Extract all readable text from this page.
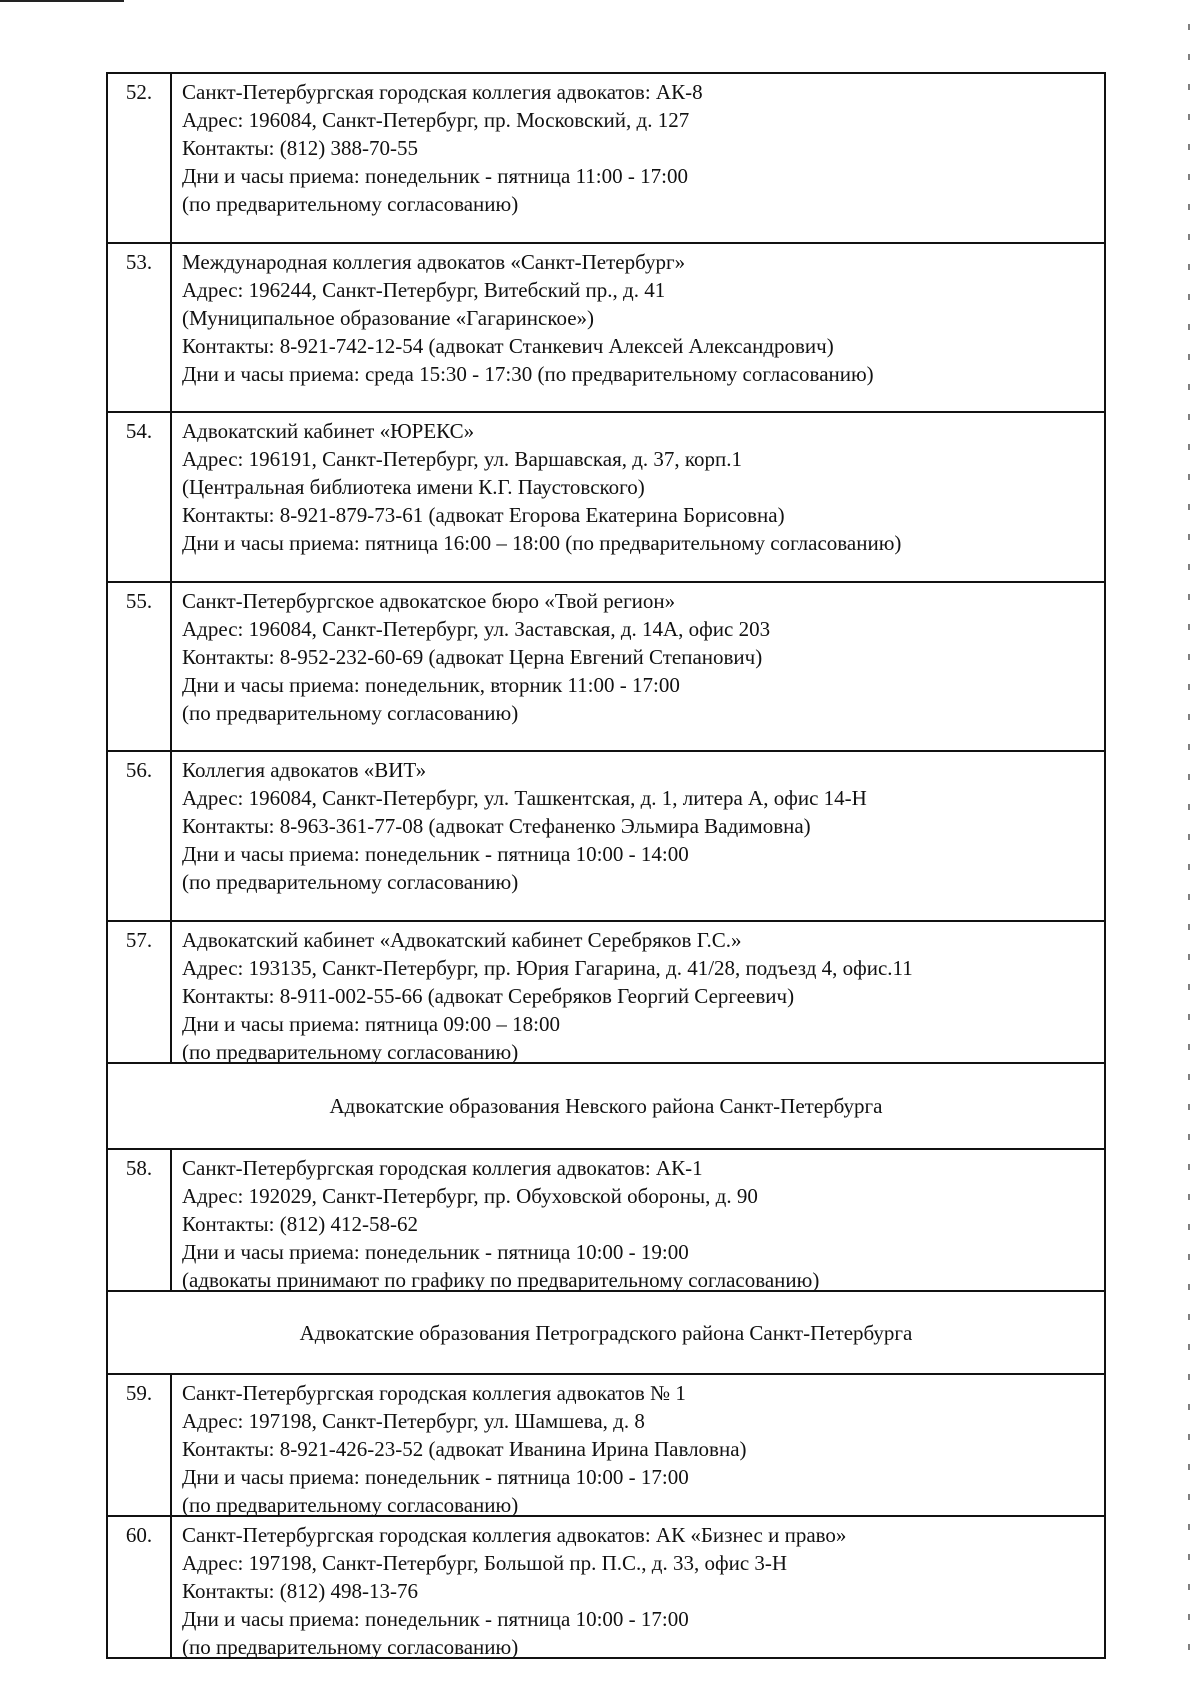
52.	Санкт-Петербургская городская коллегия адвокатов: АК-8
Адрес: 196084, Санкт-Петербург, пр. Московский, д. 127
Контакты: (812) 388-70-55
Дни и часы приема: понедельник - пятница 11:00 - 17:00
(по предварительному согласованию)
53.	Международная коллегия адвокатов «Санкт-Петербург»
Адрес: 196244, Санкт-Петербург, Витебский пр., д. 41
(Муниципальное образование «Гагаринское»)
Контакты: 8-921-742-12-54 (адвокат Станкевич Алексей Александрович)
Дни и часы приема: среда 15:30 - 17:30 (по предварительному согласованию)
54.	Адвокатский кабинет «ЮРЕКС»
Адрес: 196191, Санкт-Петербург, ул. Варшавская, д. 37, корп.1
(Центральная библиотека имени К.Г. Паустовского)
Контакты: 8-921-879-73-61 (адвокат Егорова Екатерина Борисовна)
Дни и часы приема: пятница 16:00 – 18:00 (по предварительному согласованию)
55.	Санкт-Петербургское адвокатское бюро «Твой регион»
Адрес: 196084, Санкт-Петербург, ул. Заставская, д. 14А, офис 203
Контакты: 8-952-232-60-69 (адвокат Церна Евгений Степанович)
Дни и часы приема: понедельник, вторник 11:00 - 17:00
(по предварительному согласованию)
56.	Коллегия адвокатов «ВИТ»
Адрес: 196084, Санкт-Петербург, ул. Ташкентская, д. 1, литера А, офис 14-Н
Контакты: 8-963-361-77-08 (адвокат Стефаненко Эльмира Вадимовна)
Дни и часы приема: понедельник - пятница 10:00 - 14:00
(по предварительному согласованию)
57.	Адвокатский кабинет «Адвокатский кабинет Серебряков Г.С.»
Адрес: 193135, Санкт-Петербург, пр. Юрия Гагарина, д. 41/28, подъезд 4, офис.11
Контакты: 8-911-002-55-66 (адвокат Серебряков Георгий Сергеевич)
Дни и часы приема: пятница 09:00 – 18:00
(по предварительному согласованию)
Адвокатские образования Невского района Санкт-Петербурга
58.	Санкт-Петербургская городская коллегия адвокатов: АК-1
Адрес: 192029, Санкт-Петербург, пр. Обуховской обороны, д. 90
Контакты: (812) 412-58-62
Дни и часы приема: понедельник - пятница 10:00 - 19:00
(адвокаты принимают по графику по предварительному согласованию)
Адвокатские образования Петроградского района Санкт-Петербурга
59.	Санкт-Петербургская городская коллегия адвокатов № 1
Адрес: 197198, Санкт-Петербург, ул. Шамшева, д. 8
Контакты: 8-921-426-23-52 (адвокат Иванина Ирина Павловна)
Дни и часы приема: понедельник - пятница 10:00 - 17:00
(по предварительному согласованию)
60.	Санкт-Петербургская городская коллегия адвокатов: АК «Бизнес и право»
Адрес: 197198, Санкт-Петербург, Большой пр. П.С., д. 33, офис 3-Н
Контакты: (812) 498-13-76
Дни и часы приема: понедельник - пятница 10:00 - 17:00
(по предварительному согласованию)
